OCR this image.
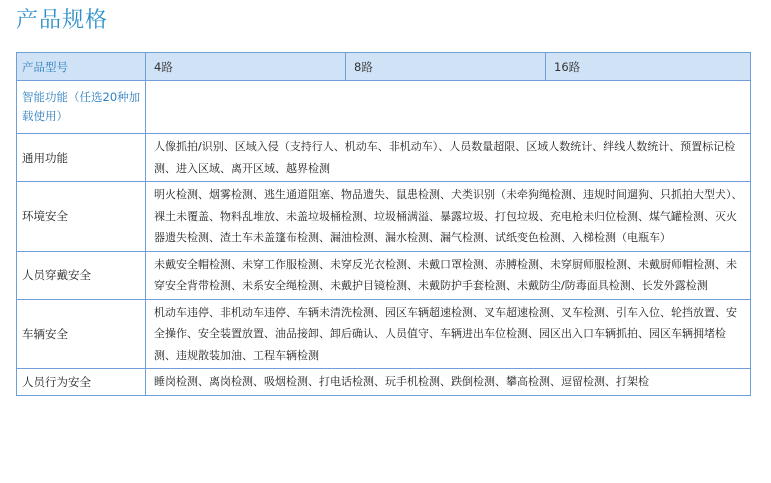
产品规格
产品型号	4路	8路	16路
智能功能（任选20种加载使用）			
通用功能	人像抓拍/识别、区域入侵（支持行人、机动车、非机动车）、人员数量超限、区域人数统计、绊线人数统计、预置标记检测、进入区域、离开区域、越界检测		
环境安全	明火检测、烟雾检测、逃生通道阻塞、物品遗失、鼠患检测、犬类识别（未牵狗绳检测、违规时间遛狗、只抓拍大型犬）、裸土未覆盖、物料乱堆放、未盖垃圾桶检测、垃圾桶满溢、暴露垃圾、打包垃圾、充电枪未归位检测、煤气罐检测、灭火器遗失检测、渣土车未盖篷布检测、漏油检测、漏水检测、漏气检测、试纸变色检测、入梯检测（电瓶车）		
人员穿戴安全	未戴安全帽检测、未穿工作服检测、未穿反光衣检测、未戴口罩检测、赤膊检测、未穿厨师服检测、未戴厨师帽检测、未穿安全背带检测、未系安全绳检测、未戴护目镜检测、未戴防护手套检测、未戴防尘/防毒面具检测、长发外露检测		
车辆安全	机动车违停、非机动车违停、车辆未清洗检测、园区车辆超速检测、叉车超速检测、叉车检测、引车入位、轮挡放置、安全操作、安全装置放置、油品接卸、卸后确认、人员值守、车辆进出车位检测、园区出入口车辆抓拍、园区车辆拥堵检测、违规散装加油、工程车辆检测		
人员行为安全	睡岗检测、离岗检测、吸烟检测、打电话检测、玩手机检测、跌倒检测、攀高检测、逗留检测、打架检		
